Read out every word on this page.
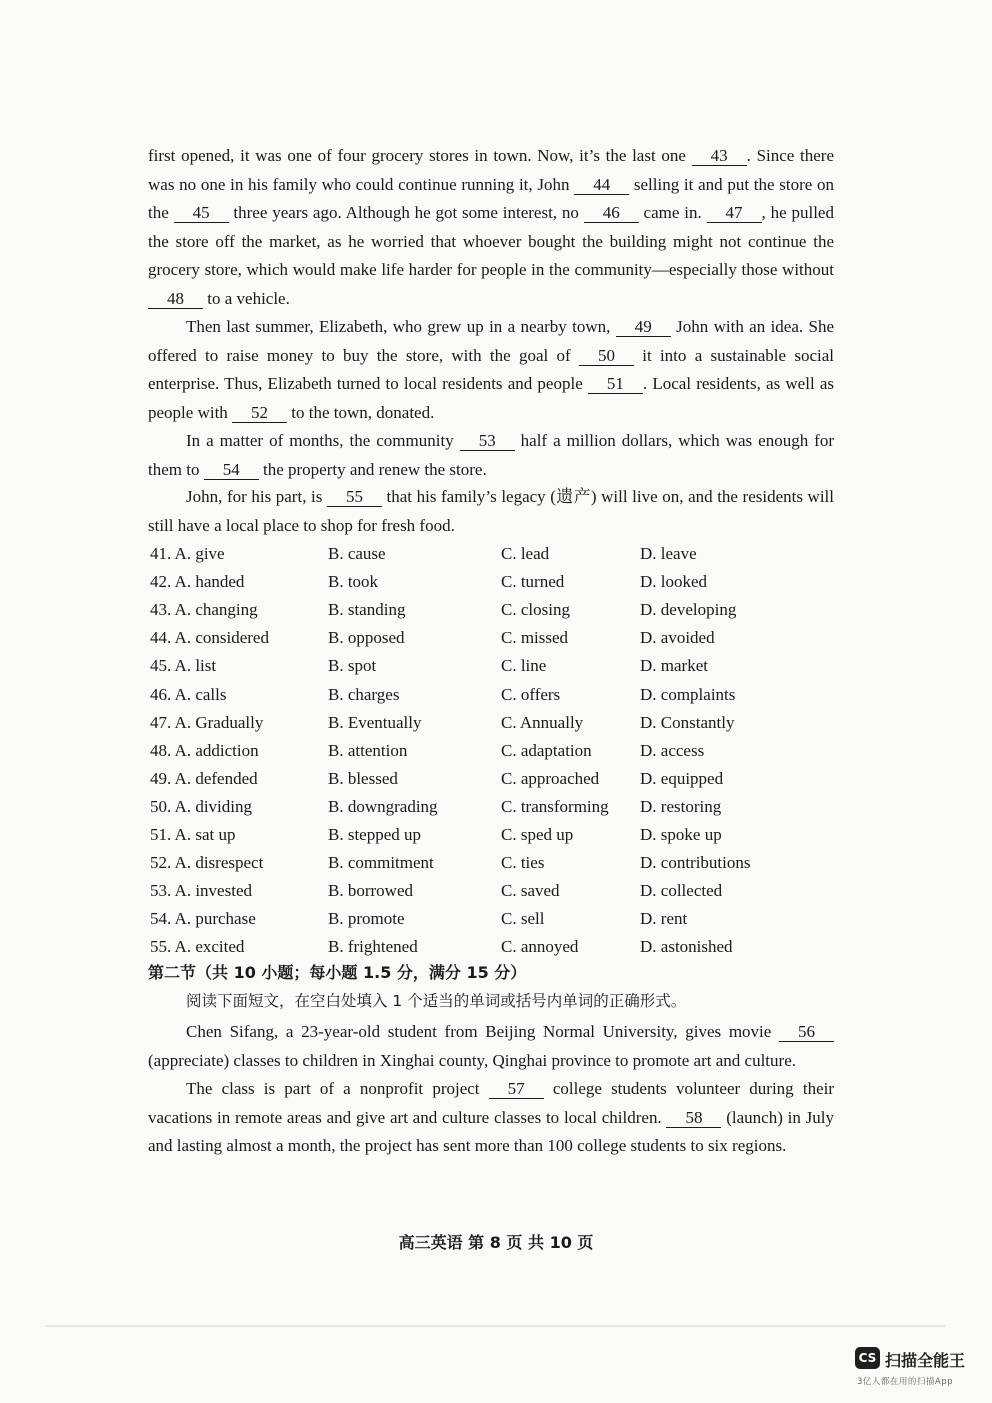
first opened, it was one of four grocery stores in town. Now, it’s the last one 43 . Since there was no one in his family who could continue running it, John 44 selling it and put the store on the 45 three years ago. Although he got some interest, no 46 came in. 47 , he pulled the store off the market, as he worried that whoever bought the building might not continue the grocery store, which would make life harder for people in the community—especially those without 48 to a vehicle.

Then last summer, Elizabeth, who grew up in a nearby town, 49 John with an idea. She offered to raise money to buy the store, with the goal of 50 it into a sustainable social enterprise. Thus, Elizabeth turned to local residents and people 51 . Local residents, as well as people with 52 to the town, donated.

In a matter of months, the community 53 half a million dollars, which was enough for them to 54 the property and renew the store.

John, for his part, is 55 that his family’s legacy (遗产) will live on, and the residents will still have a local place to shop for fresh food.

41. A. give	B. cause	C. lead	D. leave
42. A. handed	B. took	C. turned	D. looked
43. A. changing	B. standing	C. closing	D. developing
44. A. considered	B. opposed	C. missed	D. avoided
45. A. list	B. spot	C. line	D. market
46. A. calls	B. charges	C. offers	D. complaints
47. A. Gradually	B. Eventually	C. Annually	D. Constantly
48. A. addiction	B. attention	C. adaptation	D. access
49. A. defended	B. blessed	C. approached	D. equipped
50. A. dividing	B. downgrading	C. transforming	D. restoring
51. A. sat up	B. stepped up	C. sped up	D. spoke up
52. A. disrespect	B. commitment	C. ties	D. contributions
53. A. invested	B. borrowed	C. saved	D. collected
54. A. purchase	B. promote	C. sell	D. rent
55. A. excited	B. frightened	C. annoyed	D. astonished
第二节（共 10 小题；每小题 1.5 分，满分 15 分）
阅读下面短文，在空白处填入 1 个适当的单词或括号内单词的正确形式。

Chen Sifang, a 23-year-old student from Beijing Normal University, gives movie 56 (appreciate) classes to children in Xinghai county, Qinghai province to promote art and culture.

The class is part of a nonprofit project 57 college students volunteer during their vacations in remote areas and give art and culture classes to local children. 58 (launch) in July and lasting almost a month, the project has sent more than 100 college students to six regions.

高三英语 第 8 页 共 10 页
CS 扫描全能王
3亿人都在用的扫描App
